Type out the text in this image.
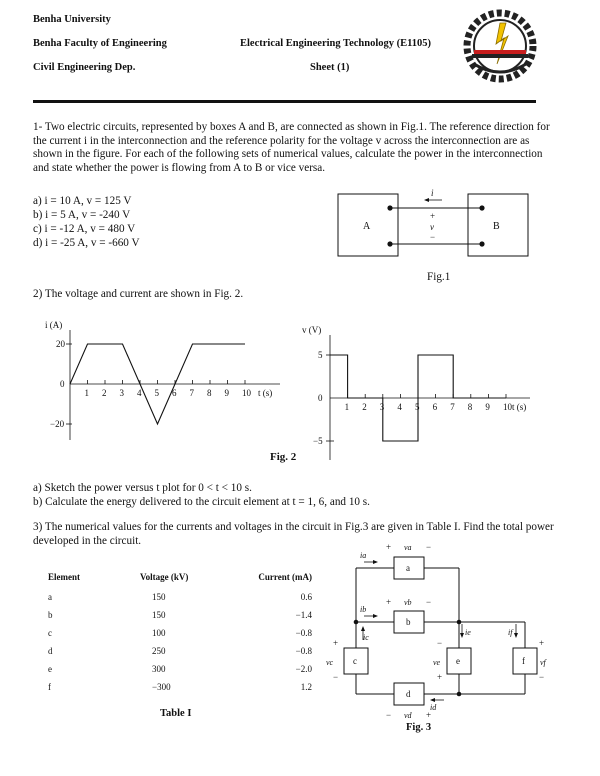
Benha University
Benha Faculty of Engineering
Civil Engineering Dep.
Electrical Engineering Technology (E1105)
Sheet (1)
1- Two electric circuits, represented by boxes A and B, are connected as shown in Fig.1. The reference direction for the current i in the interconnection and the reference polarity for the voltage v across the interconnection are as shown in the figure. For each of the following sets of numerical values, calculate the power in the interconnection and state whether the power is flowing from A to B or vice versa.
a) i = 10 A, v = 125 V
b) i = 5 A, v = -240 V
c) i = -12 A, v = 480 V
d) i = -25 A, v = -660 V
A	B
i
+
v
−
Fig.1
2) The voltage and current are shown in Fig. 2.
i (A)
t (s)
20
0
−20
1 2 3 4 5 6 7 8 9 10
v (V)
t (s)
5
0
−5
1 2 3 4 5 6 7 8 9 10
Fig. 2
a) Sketch the power versus t plot for 0 < t < 10 s.
b) Calculate the energy delivered to the circuit element at t = 1, 6, and 10 s.
3) The numerical values for the currents and voltages in the circuit in Fig.3 are given in Table I. Find the total power developed in the circuit.
Element	Voltage (kV)	Current (mA)
a	150	0.6
b	150	−1.4
c	100	−0.8
d	250	−0.8
e	300	−2.0
f	−300	1.2
Table I
a
b
c
d
e	f
ia
ib
ic
id
ie	if
va
vb
vc
vd
ve	vf
+	−
+	−
+
−
−
+
+
−
−	+
Fig. 3
